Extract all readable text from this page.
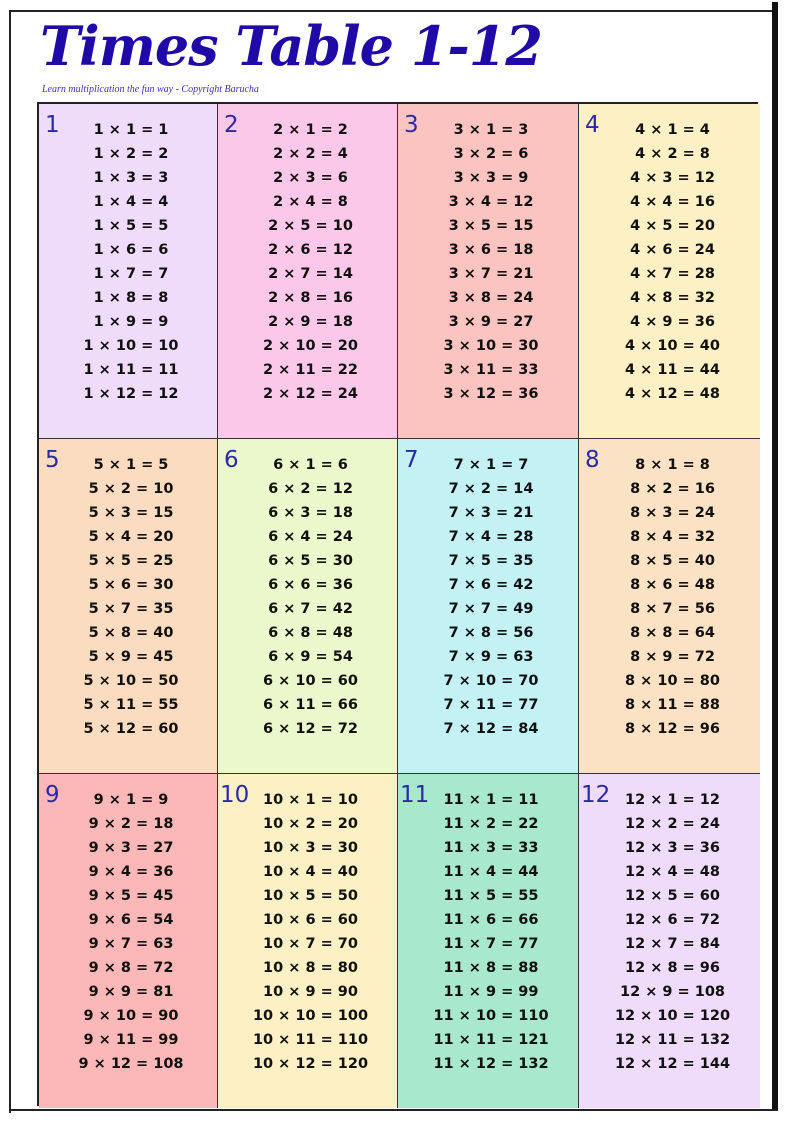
Times Table 1-12
Learn multiplication the fun way - Copyright Barucha
1	1 × 1 = 1
1 × 2 = 2
1 × 3 = 3
1 × 4 = 4
1 × 5 = 5
1 × 6 = 6
1 × 7 = 7
1 × 8 = 8
1 × 9 = 9
1 × 10 = 10
1 × 11 = 11
1 × 12 = 12
2	2 × 1 = 2
2 × 2 = 4
2 × 3 = 6
2 × 4 = 8
2 × 5 = 10
2 × 6 = 12
2 × 7 = 14
2 × 8 = 16
2 × 9 = 18
2 × 10 = 20
2 × 11 = 22
2 × 12 = 24
3	3 × 1 = 3
3 × 2 = 6
3 × 3 = 9
3 × 4 = 12
3 × 5 = 15
3 × 6 = 18
3 × 7 = 21
3 × 8 = 24
3 × 9 = 27
3 × 10 = 30
3 × 11 = 33
3 × 12 = 36
4	4 × 1 = 4
4 × 2 = 8
4 × 3 = 12
4 × 4 = 16
4 × 5 = 20
4 × 6 = 24
4 × 7 = 28
4 × 8 = 32
4 × 9 = 36
4 × 10 = 40
4 × 11 = 44
4 × 12 = 48
5	5 × 1 = 5
5 × 2 = 10
5 × 3 = 15
5 × 4 = 20
5 × 5 = 25
5 × 6 = 30
5 × 7 = 35
5 × 8 = 40
5 × 9 = 45
5 × 10 = 50
5 × 11 = 55
5 × 12 = 60
6	6 × 1 = 6
6 × 2 = 12
6 × 3 = 18
6 × 4 = 24
6 × 5 = 30
6 × 6 = 36
6 × 7 = 42
6 × 8 = 48
6 × 9 = 54
6 × 10 = 60
6 × 11 = 66
6 × 12 = 72
7	7 × 1 = 7
7 × 2 = 14
7 × 3 = 21
7 × 4 = 28
7 × 5 = 35
7 × 6 = 42
7 × 7 = 49
7 × 8 = 56
7 × 9 = 63
7 × 10 = 70
7 × 11 = 77
7 × 12 = 84
8	8 × 1 = 8
8 × 2 = 16
8 × 3 = 24
8 × 4 = 32
8 × 5 = 40
8 × 6 = 48
8 × 7 = 56
8 × 8 = 64
8 × 9 = 72
8 × 10 = 80
8 × 11 = 88
8 × 12 = 96
9	9 × 1 = 9
9 × 2 = 18
9 × 3 = 27
9 × 4 = 36
9 × 5 = 45
9 × 6 = 54
9 × 7 = 63
9 × 8 = 72
9 × 9 = 81
9 × 10 = 90
9 × 11 = 99
9 × 12 = 108
10 10 × 1 = 10
10 × 2 = 20
10 × 3 = 30
10 × 4 = 40
10 × 5 = 50
10 × 6 = 60
10 × 7 = 70
10 × 8 = 80
10 × 9 = 90
10 × 10 = 100
10 × 11 = 110
10 × 12 = 120
11 11 × 1 = 11
11 × 2 = 22
11 × 3 = 33
11 × 4 = 44
11 × 5 = 55
11 × 6 = 66
11 × 7 = 77
11 × 8 = 88
11 × 9 = 99
11 × 10 = 110
11 × 11 = 121
11 × 12 = 132
12	12 × 1 = 12
12 × 2 = 24
12 × 3 = 36
12 × 4 = 48
12 × 5 = 60
12 × 6 = 72
12 × 7 = 84
12 × 8 = 96
12 × 9 = 108
12 × 10 = 120
12 × 11 = 132
12 × 12 = 144
